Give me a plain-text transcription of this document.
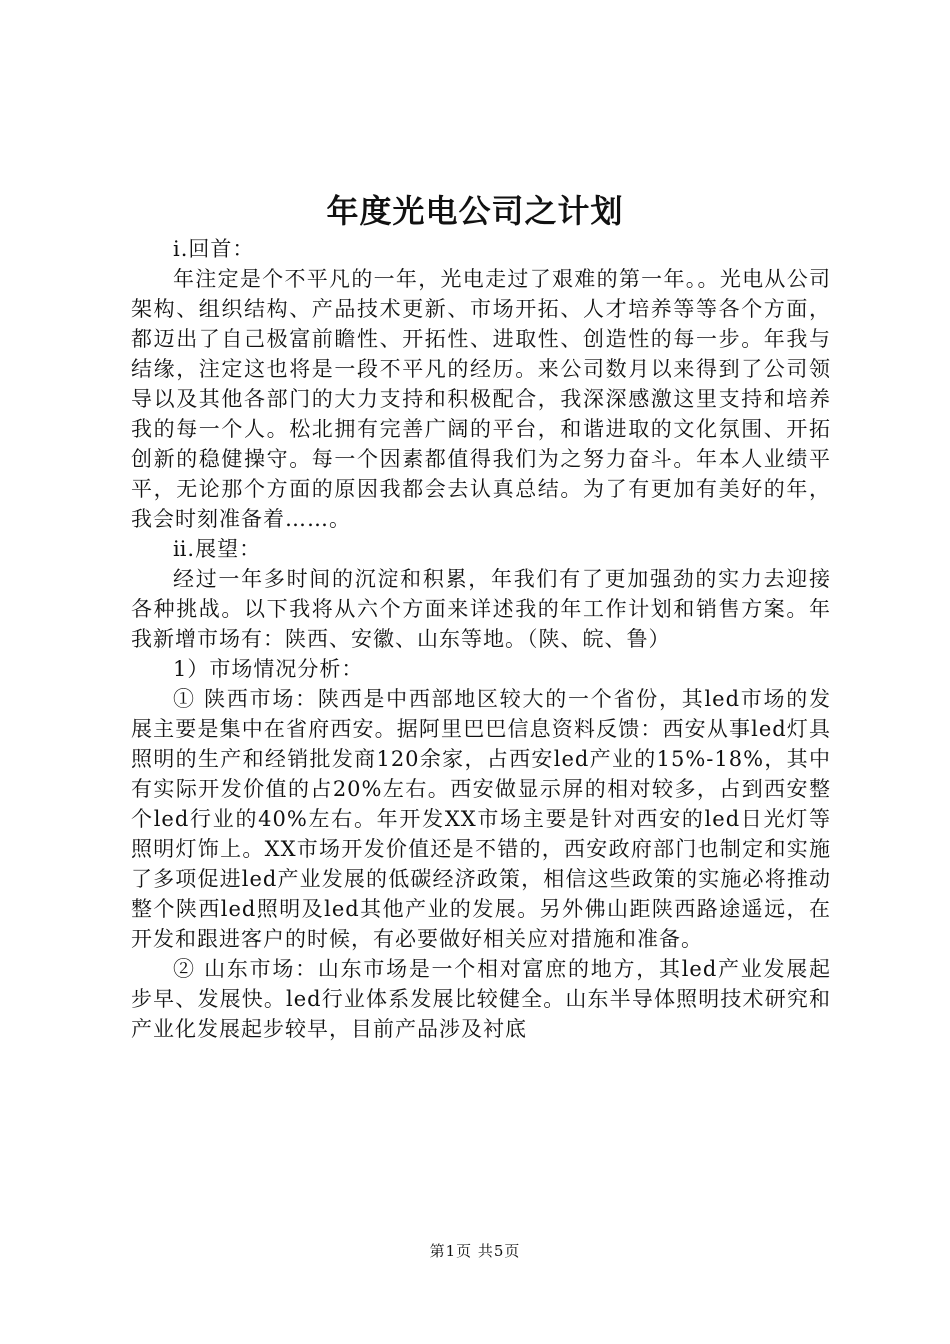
年度光电公司之计划

ⅰ.回首：

年注定是个不平凡的一年，光电走过了艰难的第一年。。光电从公司架构、组织结构、产品技术更新、市场开拓、人才培养等等各个方面，都迈出了自己极富前瞻性、开拓性、进取性、创造性的每一步。年我与结缘，注定这也将是一段不平凡的经历。来公司数月以来得到了公司领导以及其他各部门的大力支持和积极配合，我深深感激这里支持和培养我的每一个人。松北拥有完善广阔的平台，和谐进取的文化氛围、开拓创新的稳健操守。每一个因素都值得我们为之努力奋斗。年本人业绩平平，无论那个方面的原因我都会去认真总结。为了有更加有美好的年，我会时刻准备着……。

ⅱ.展望：

经过一年多时间的沉淀和积累，年我们有了更加强劲的实力去迎接各种挑战。以下我将从六个方面来详述我的年工作计划和销售方案。年我新增市场有：陕西、安徽、山东等地。（陕、皖、鲁）

1）市场情况分析：

① 陕西市场：陕西是中西部地区较大的一个省份，其led市场的发展主要是集中在省府西安。据阿里巴巴信息资料反馈：西安从事led灯具照明的生产和经销批发商120余家，占西安led产业的15%-18%，其中有实际开发价值的占20%左右。西安做显示屏的相对较多，占到西安整个led行业的40%左右。年开发XX市场主要是针对西安的led日光灯等照明灯饰上。XX市场开发价值还是不错的，西安政府部门也制定和实施了多项促进led产业发展的低碳经济政策，相信这些政策的实施必将推动整个陕西led照明及led其他产业的发展。另外佛山距陕西路途遥远，在开发和跟进客户的时候，有必要做好相关应对措施和准备。

② 山东市场：山东市场是一个相对富庶的地方，其led产业发展起步早、发展快。led行业体系发展比较健全。山东半导体照明技术研究和产业化发展起步较早，目前产品涉及衬底

第1页 共5页
